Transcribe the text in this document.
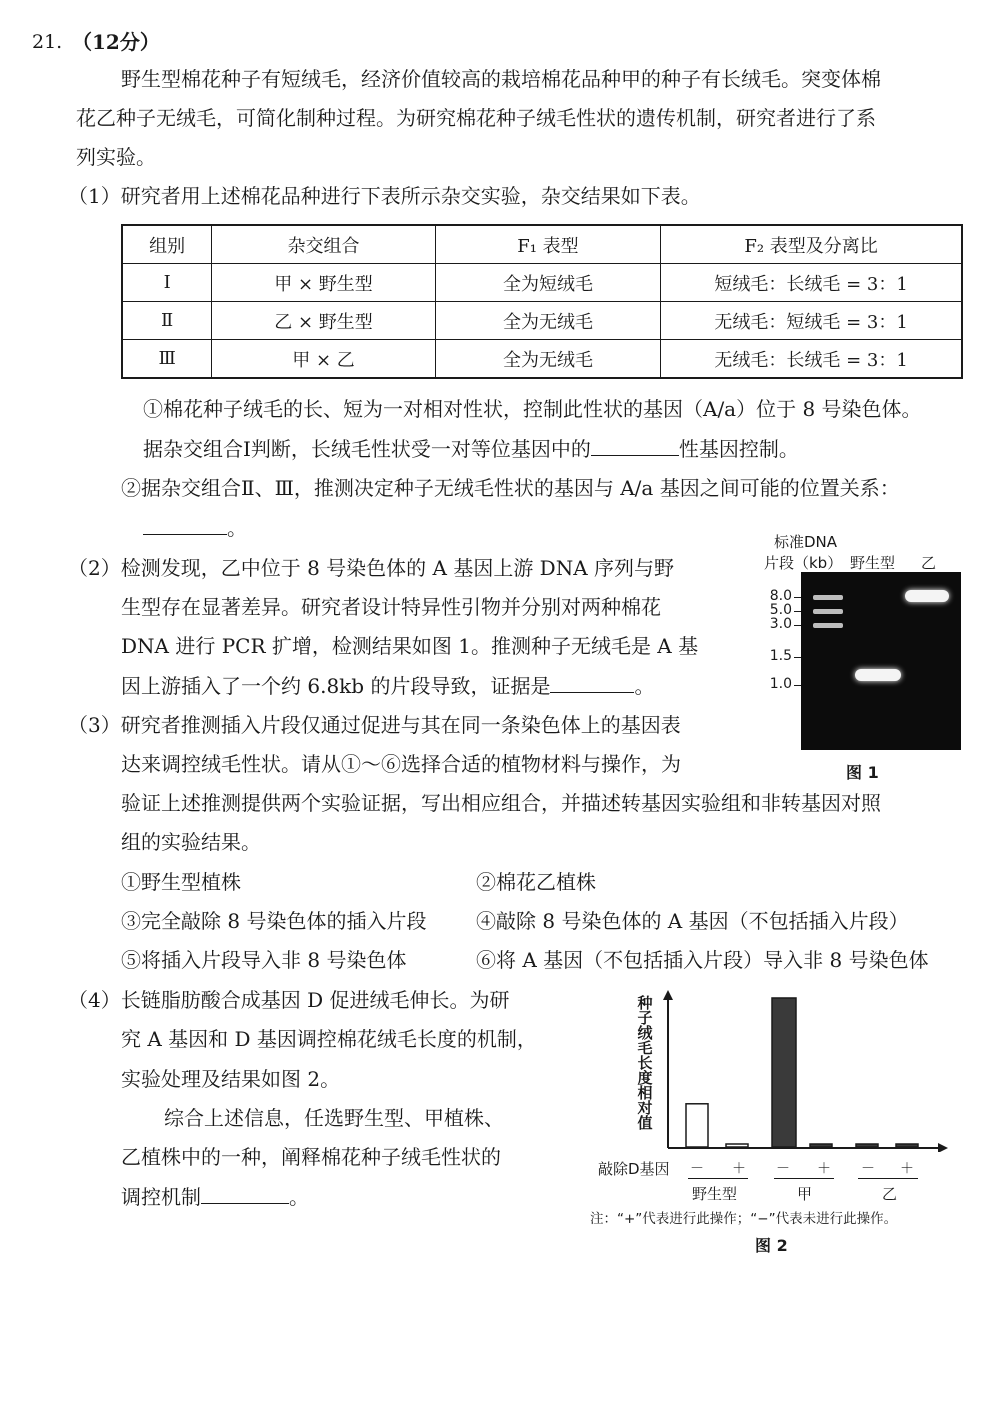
21. （12分）
野生型棉花种子有短绒毛，经济价值较高的栽培棉花品种甲的种子有长绒毛。突变体棉
花乙种子无绒毛，可简化制种过程。为研究棉花种子绒毛性状的遗传机制，研究者进行了系
列实验。
（1）研究者用上述棉花品种进行下表所示杂交实验，杂交结果如下表。
组别	杂交组合	F₁ 表型	F₂ 表型及分离比
Ⅰ	甲 × 野生型	全为短绒毛	短绒毛：长绒毛 = 3：1
Ⅱ	乙 × 野生型	全为无绒毛	无绒毛：短绒毛 = 3：1
Ⅲ	甲 × 乙	全为无绒毛	无绒毛：长绒毛 = 3：1
①棉花种子绒毛的长、短为一对相对性状，控制此性状的基因（A/a）位于 8 号染色体。
据杂交组合Ⅰ判断，长绒毛性状受一对等位基因中的	性基因控制。
②据杂交组合Ⅱ、Ⅲ，推测决定种子无绒毛性状的基因与 A/a 基因之间可能的位置关系：
。
（2）检测发现，乙中位于 8 号染色体的 A 基因上游 DNA 序列与野
生型存在显著差异。研究者设计特异性引物并分别对两种棉花
DNA 进行 PCR 扩增，检测结果如图 1。推测种子无绒毛是 A 基
因上游插入了一个约 6.8kb 的片段导致，证据是	。
标准DNA
片段（kb） 野生型 乙
8.0
5.0
3.0
1.5
1.0
图 1
（3）研究者推测插入片段仅通过促进与其在同一条染色体上的基因表
达来调控绒毛性状。请从①～⑥选择合适的植物材料与操作，为
验证上述推测提供两个实验证据，写出相应组合，并描述转基因实验组和非转基因对照
组的实验结果。
①野生型植株	②棉花乙植株
③完全敲除 8 号染色体的插入片段 ④敲除 8 号染色体的 A 基因（不包括插入片段）
⑤将插入片段导入非 8 号染色体	⑥将 A 基因（不包括插入片段）导入非 8 号染色体
（4）长链脂肪酸合成基因 D 促进绒毛伸长。为研
究 A 基因和 D 基因调控棉花绒毛长度的机制，
实验处理及结果如图 2。
综合上述信息，任选野生型、甲植株、
乙植株中的一种，阐释棉花种子绒毛性状的
调控机制	。
种子绒毛长度相对值
敲除D基因 － ＋ － ＋ － ＋
野生型	甲	乙
注：“+”代表进行此操作；“−”代表未进行此操作。
图 2
